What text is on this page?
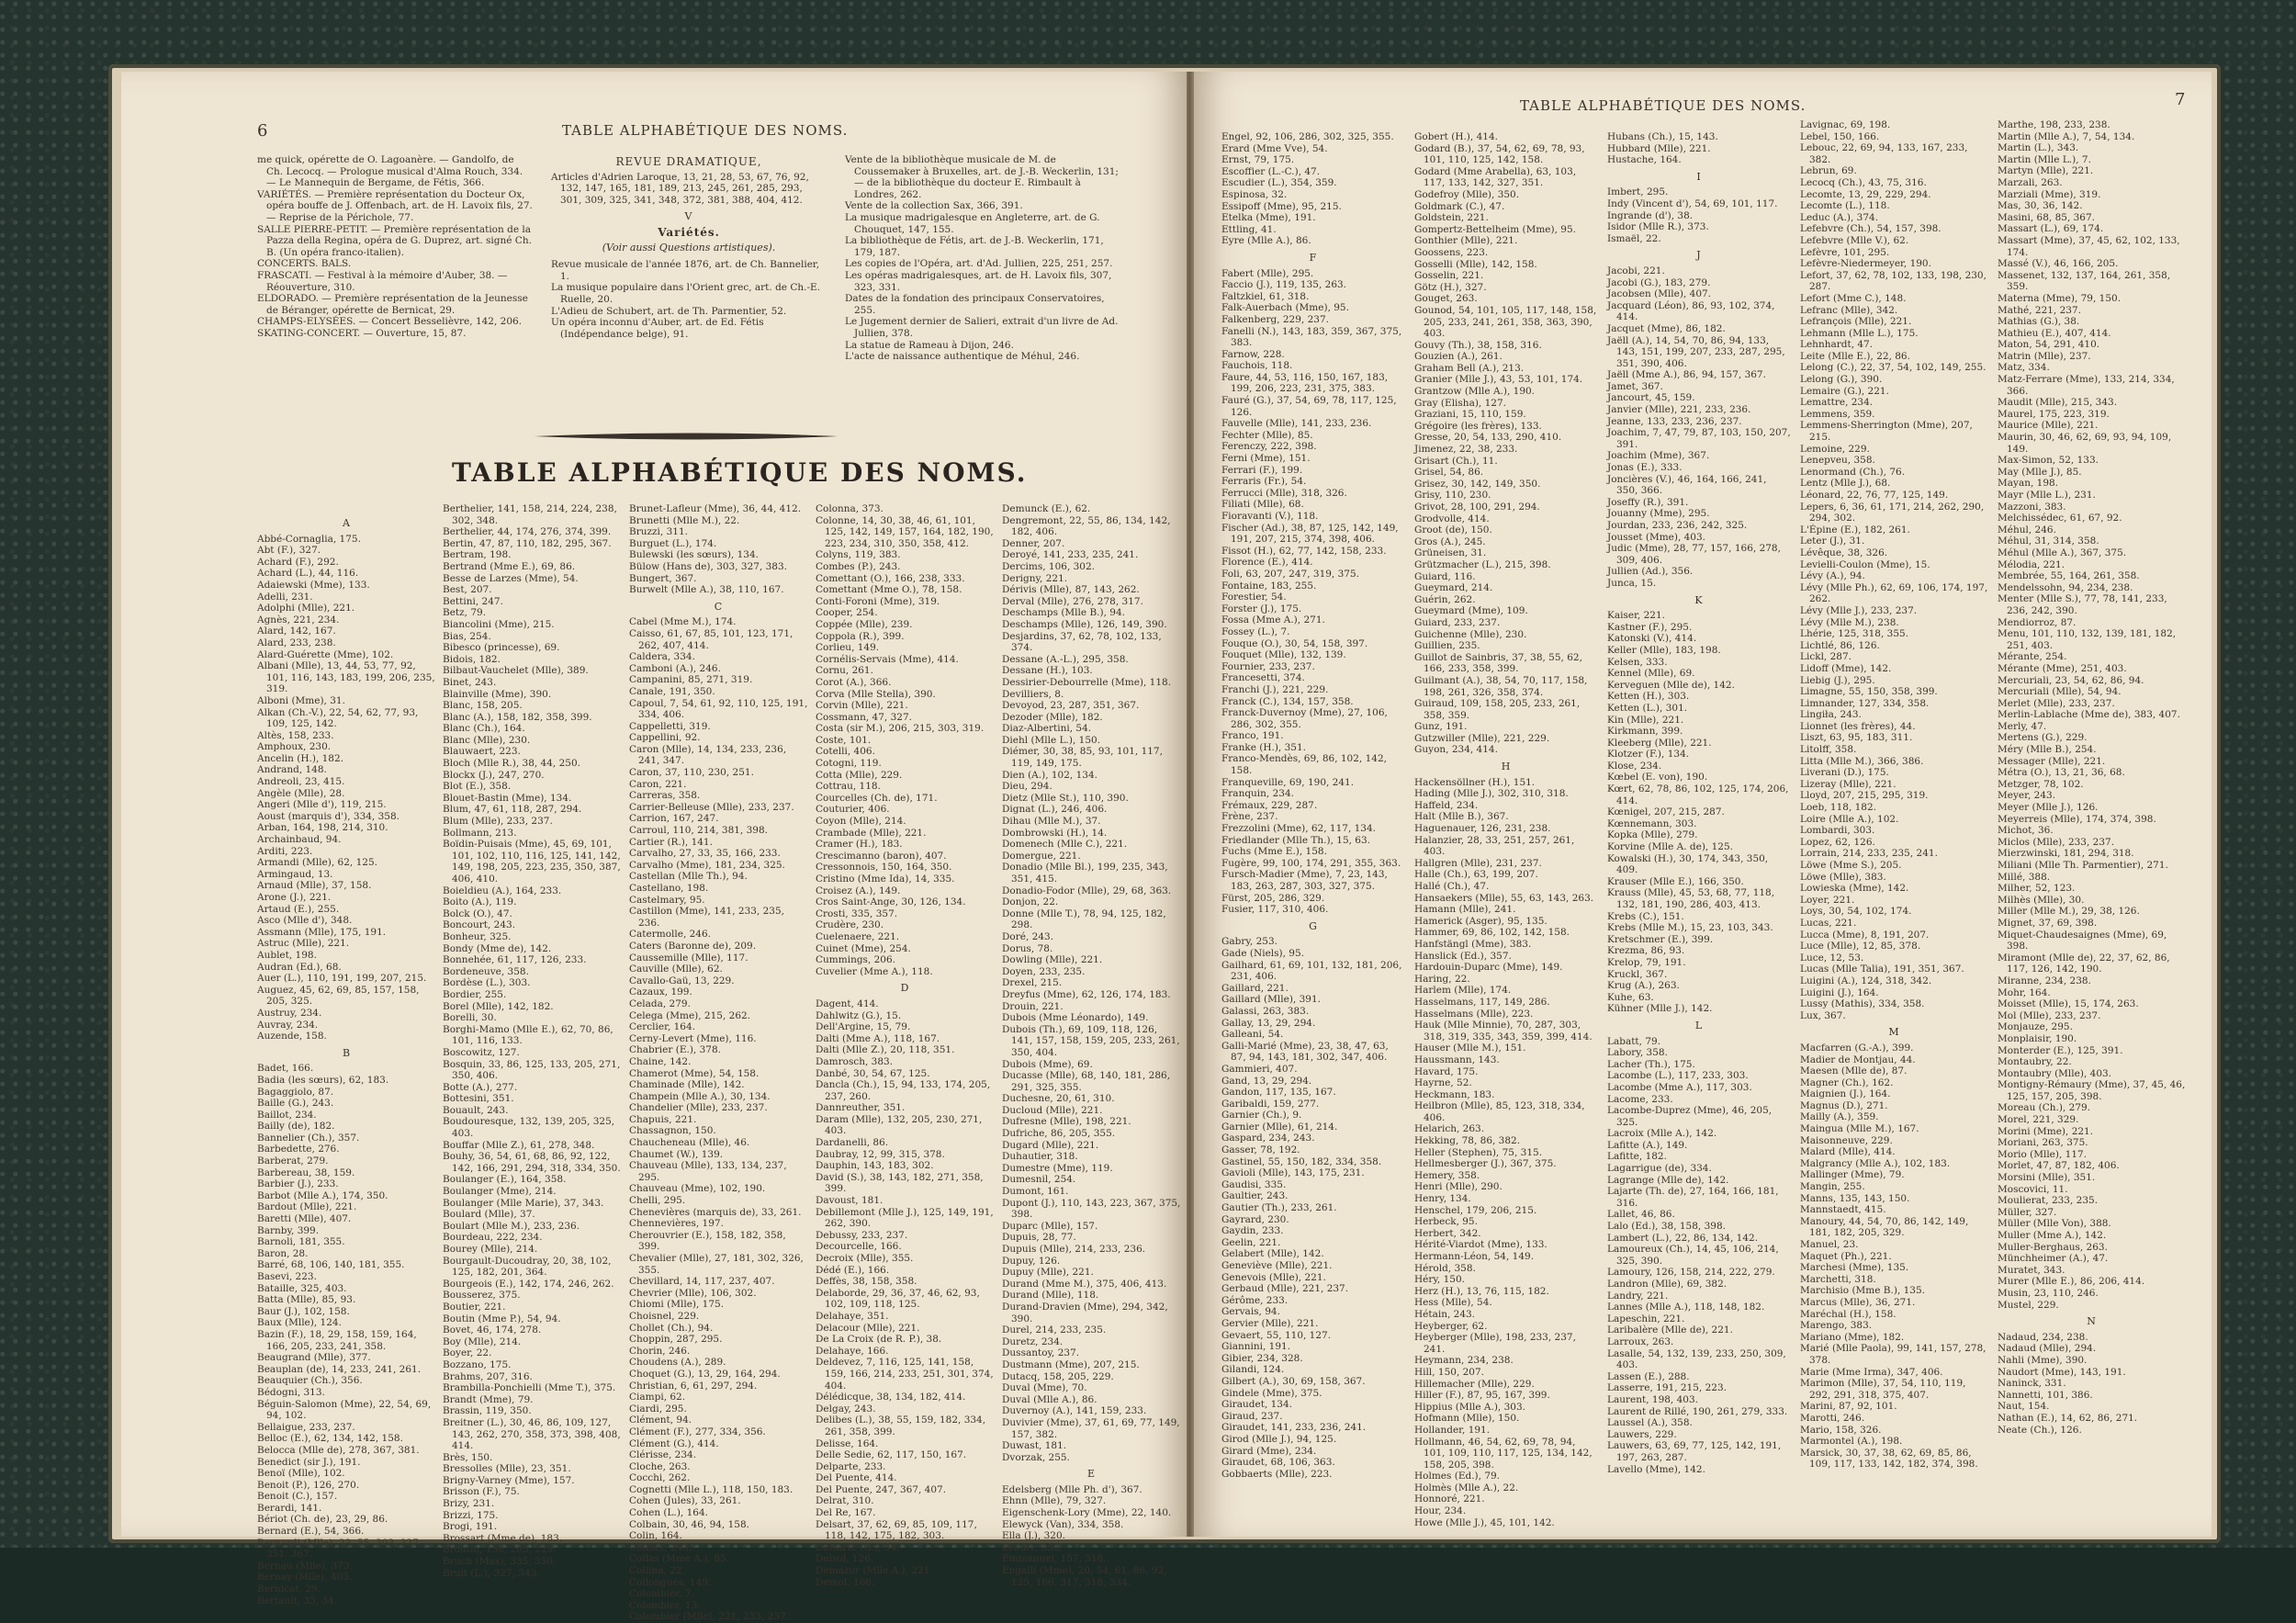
6	TABLE ALPHABÉTIQUE DES NOMS.

me quick, opérette de O. Lagoanère. — Gandolfo, de Ch. Lecocq. — Prologue musical d'Alma Rouch, 334. — Le Mannequin de Bergame, de Fétis, 366.

VARIÉTÉS. — Première représentation du Docteur Ox, opéra bouffe de J. Offenbach, art. de H. Lavoix fils, 27. — Reprise de la Périchole, 77.

SALLE PIERRE-PETIT. — Première représentation de la Pazza della Regina, opéra de G. Duprez, art. signé Ch. B. (Un opéra franco-italien).

CONCERTS. BALS.

FRASCATI. — Festival à la mémoire d'Auber, 38. — Réouverture, 310.

ELDORADO. — Première représentation de la Jeunesse de Béranger, opérette de Bernicat, 29.

CHAMPS-ELYSÉES. — Concert Besselièvre, 142, 206.

SKATING-CONCERT. — Ouverture, 15, 87.

REVUE DRAMATIQUE,

Articles d'Adrien Laroque, 13, 21, 28, 53, 67, 76, 92, 132, 147, 165, 181, 189, 213, 245, 261, 285, 293, 301, 309, 325, 341, 348, 372, 381, 388, 404, 412.

V
Variétés.
(Voir aussi Questions artistiques).

Revue musicale de l'année 1876, art. de Ch. Bannelier, 1.

La musique populaire dans l'Orient grec, art. de Ch.-E. Ruelle, 20.

L'Adieu de Schubert, art. de Th. Parmentier, 52.

Un opéra inconnu d'Auber, art. de Ed. Fétis (Indépendance belge), 91.

Vente de la bibliothèque musicale de M. de Coussemaker à Bruxelles, art. de J.-B. Weckerlin, 131; — de la bibliothèque du docteur E. Rimbault à Londres, 262.

Vente de la collection Sax, 366, 391.

La musique madrigalesque en Angleterre, art. de G. Chouquet, 147, 155.

La bibliothèque de Fétis, art. de J.-B. Weckerlin, 171, 179, 187.

Les copies de l'Opéra, art. d'Ad. Jullien, 225, 251, 257.

Les opéras madrigalesques, art. de H. Lavoix fils, 307, 323, 331.

Dates de la fondation des principaux Conservatoires, 255.

Le Jugement dernier de Salieri, extrait d'un livre de Ad. Jullien, 378.

La statue de Rameau à Dijon, 246.

L'acte de naissance authentique de Méhul, 246.

TABLE ALPHABÉTIQUE DES NOMS.
A

Abbé-Cornaglia, 175.

Abt (F.), 327.

Achard (F.), 292.

Achard (L.), 44, 116.

Adaiewski (Mme), 133.

Adelli, 231.

Adolphi (Mlle), 221.

Agnès, 221, 234.

Alard, 142, 167.

Alard, 233, 238.

Alard-Guérette (Mme), 102.

Albani (Mlle), 13, 44, 53, 77, 92, 101, 116, 143, 183, 199, 206, 235, 319.

Alboni (Mme), 31.

Alkan (Ch.-V.), 22, 54, 62, 77, 93, 109, 125, 142.

Altès, 158, 233.

Amphoux, 230.

Ancelin (H.), 182.

Andrand, 148.

Andreoli, 23, 415.

Angèle (Mlle), 28.

Angeri (Mlle d'), 119, 215.

Aoust (marquis d'), 334, 358.

Arban, 164, 198, 214, 310.

Archainbaud, 94.

Arditi, 223.

Armandi (Mlle), 62, 125.

Armingaud, 13.

Arnaud (Mlle), 37, 158.

Arone (J.), 221.

Artaud (E.), 255.

Asco (Mlle d'), 348.

Assmann (Mlle), 175, 191.

Astruc (Mlle), 221.

Aublet, 198.

Audran (Ed.), 68.

Auer (L.), 110, 191, 199, 207, 215.

Auguez, 45, 62, 69, 85, 157, 158, 205, 325.

Austruy, 234.

Auvray, 234.

Auzende, 158.

B

Badet, 166.

Badia (les sœurs), 62, 183.

Bagaggiolo, 87.

Baille (G.), 243.

Baillot, 234.

Bailly (de), 182.

Bannelier (Ch.), 357.

Barbedette, 276.

Barberat, 279.

Barbereau, 38, 159.

Barbier (J.), 233.

Barbot (Mlle A.), 174, 350.

Bardout (Mlle), 221.

Baretti (Mlle), 407.

Barnby, 399.

Barnoli, 181, 355.

Baron, 28.

Barré, 68, 106, 140, 181, 355.

Basevi, 223.

Bataille, 325, 403.

Batta (Mlle), 85, 93.

Baur (J.), 102, 158.

Baux (Mlle), 124.

Bazin (F.), 18, 29, 158, 159, 164, 166, 205, 233, 241, 358.

Beaugrand (Mlle), 377.

Beauplan (de), 14, 233, 241, 261.

Beauquier (Ch.), 356.

Bédogni, 313.

Béguin-Salomon (Mme), 22, 54, 69, 94, 102.

Bellaigue, 233, 237.

Belloc (E.), 62, 134, 142, 158.

Belocca (Mlle de), 278, 367, 381.

Benedict (sir J.), 191.

Benoï (Mlle), 102.

Benoit (P.), 126, 270.

Benoit (C.), 157.

Berardi, 141.

Bériot (Ch. de), 23, 29, 86.

Bernard (E.), 54, 366.

Bernardi (Mlle), 23, 55, 303, 327, 351, 367.

Bernau (Mlle), 373.

Bernay (Mlle), 403.

Bernicat, 29.

Bertault, 33, 34.

Berthelier, 141, 158, 214, 224, 238, 302, 348.

Berthelier, 44, 174, 276, 374, 399.

Bertin, 47, 87, 110, 182, 295, 367.

Bertram, 198.

Bertrand (Mme E.), 69, 86.

Besse de Larzes (Mme), 54.

Best, 207.

Bettini, 247.

Betz, 79.

Biancolini (Mme), 215.

Bias, 254.

Bibesco (princesse), 69.

Bidois, 182.

Bilbaut-Vauchelet (Mlle), 389.

Binet, 243.

Blainville (Mme), 390.

Blanc, 158, 205.

Blanc (A.), 158, 182, 358, 399.

Blanc (Ch.), 164.

Blanc (Mlle), 230.

Blauwaert, 223.

Bloch (Mlle R.), 38, 44, 250.

Blockx (J.), 247, 270.

Blot (E.), 358.

Blouet-Bastin (Mme), 134.

Blum, 47, 61, 118, 287, 294.

Blum (Mlle), 233, 237.

Bollmann, 213.

Boïdin-Puisais (Mme), 45, 69, 101, 101, 102, 110, 116, 125, 141, 142, 149, 198, 205, 223, 235, 350, 387, 406, 410.

Boieldieu (A.), 164, 233.

Boito (A.), 119.

Bolck (O.), 47.

Boncourt, 243.

Bonheur, 325.

Bondy (Mme de), 142.

Bonnehée, 61, 117, 126, 233.

Bordeneuve, 358.

Bordèse (L.), 303.

Bordier, 255.

Borel (Mlle), 142, 182.

Borelli, 30.

Borghi-Mamo (Mlle E.), 62, 70, 86, 101, 116, 133.

Boscowitz, 127.

Bosquin, 33, 86, 125, 133, 205, 271, 350, 406.

Botte (A.), 277.

Bottesini, 351.

Bouault, 243.

Boudouresque, 132, 139, 205, 325, 403.

Bouffar (Mlle Z.), 61, 278, 348.

Bouhy, 36, 54, 61, 68, 86, 92, 122, 142, 166, 291, 294, 318, 334, 350.

Boulanger (E.), 164, 358.

Boulanger (Mme), 214.

Boulanger (Mlle Marie), 37, 343.

Boulard (Mlle), 37.

Boulart (Mlle M.), 233, 236.

Bourdeau, 222, 234.

Bourey (Mlle), 214.

Bourgault-Ducoudray, 20, 38, 102, 125, 182, 201, 364.

Bourgeois (E.), 142, 174, 246, 262.

Bousserez, 375.

Boutier, 221.

Boutin (Mme P.), 54, 94.

Bovet, 46, 174, 278.

Boy (Mlle), 214.

Boyer, 22.

Bozzano, 175.

Brahms, 207, 316.

Brambilla-Ponchielli (Mme T.), 375.

Brandt (Mme), 79.

Brassin, 119, 350.

Breitner (L.), 30, 46, 86, 109, 127, 143, 262, 270, 358, 373, 398, 408, 414.

Brès, 150.

Bressolles (Mlle), 23, 351.

Brigny-Varney (Mme), 157.

Brisson (F.), 75.

Brizy, 231.

Brizzi, 175.

Brogi, 191.

Brossart (Mme de), 183.

Broutin, 158, 205, 229.

Bruch (Max), 335, 350.

Bruit (L.), 327, 343.

Brunet-Lafleur (Mme), 36, 44, 412.

Brunetti (Mlle M.), 22.

Bruzzi, 311.

Burguet (L.), 174.

Bulewski (les sœurs), 134.

Bülow (Hans de), 303, 327, 383.

Bungert, 367.

Burwelt (Mlle A.), 38, 110, 167.

C

Cabel (Mme M.), 174.

Caisso, 61, 67, 85, 101, 123, 171, 262, 407, 414.

Caldera, 334.

Camboni (A.), 246.

Campanini, 85, 271, 319.

Canale, 191, 350.

Capoul, 7, 54, 61, 92, 110, 125, 191, 334, 406.

Cappelletti, 319.

Cappellini, 92.

Caron (Mlle), 14, 134, 233, 236, 241, 347.

Caron, 37, 110, 230, 251.

Caron, 221.

Carreras, 358.

Carrier-Belleuse (Mlle), 233, 237.

Carrion, 167, 247.

Carroul, 110, 214, 381, 398.

Cartier (R.), 141.

Carvalho, 27, 33, 35, 166, 233.

Carvalho (Mme), 181, 234, 325.

Castellan (Mlle Th.), 94.

Castellano, 198.

Castelmary, 95.

Castillon (Mme), 141, 233, 235, 236.

Catermolle, 246.

Caters (Baronne de), 209.

Caussemille (Mlle), 117.

Cauville (Mlle), 62.

Cavallo-Gaü, 13, 229.

Cazaux, 199.

Celada, 279.

Celega (Mme), 215, 262.

Cerclier, 164.

Cerny-Levert (Mme), 116.

Chabrier (E.), 378.

Chaine, 142.

Chamerot (Mme), 54, 158.

Chaminade (Mlle), 142.

Champein (Mlle A.), 30, 134.

Chandelier (Mlle), 233, 237.

Chapuis, 221.

Chassagnon, 150.

Chaucheneau (Mlle), 46.

Chaumet (W.), 139.

Chauveau (Mlle), 133, 134, 237, 295.

Chauveau (Mme), 102, 190.

Chelli, 295.

Chenevières (marquis de), 33, 261.

Chennevières, 197.

Cherouvrier (E.), 158, 182, 358, 399.

Chevalier (Mlle), 27, 181, 302, 326, 355.

Chevillard, 14, 117, 237, 407.

Chevrier (Mlle), 106, 302.

Chiomi (Mlle), 175.

Choisnel, 229.

Chollet (Ch.), 94.

Choppin, 287, 295.

Chorin, 246.

Choudens (A.), 289.

Choquet (G.), 13, 29, 164, 294.

Christian, 6, 61, 297, 294.

Ciampi, 62.

Ciardi, 295.

Clément, 94.

Clément (F.), 277, 334, 356.

Clément (G.), 414.

Clérisse, 234.

Cloche, 263.

Cocchi, 262.

Cognetti (Mlle L.), 118, 150, 183.

Cohen (Jules), 33, 261.

Cohen (L.), 164.

Colbain, 30, 46, 94, 158.

Colin, 164.

Colinet, 243.

Collas (Mme A.), 85.

Collina, 22.

Collongues, 149.

Colombier, 7.

Colombier, 13.

Colombier (Mlle), 221, 233, 237.

Colonna, 373.

Colonne, 14, 30, 38, 46, 61, 101, 125, 142, 149, 157, 164, 182, 190, 223, 234, 310, 350, 358, 412.

Colyns, 119, 383.

Combes (P.), 243.

Comettant (O.), 166, 238, 333.

Comettant (Mme O.), 78, 158.

Conti-Foroni (Mme), 319.

Cooper, 254.

Coppée (Mlle), 239.

Coppola (R.), 399.

Corlieu, 149.

Cornélis-Servais (Mme), 414.

Cornu, 261.

Corot (A.), 366.

Corva (Mlle Stella), 390.

Corvin (Mlle), 221.

Cossmann, 47, 327.

Costa (sir M.), 206, 215, 303, 319.

Coste, 101.

Cotelli, 406.

Cotogni, 119.

Cotta (Mlle), 229.

Cottrau, 118.

Courcelles (Ch. de), 171.

Couturier, 406.

Coyon (Mlle), 214.

Crambade (Mlle), 221.

Cramer (H.), 183.

Crescimanno (baron), 407.

Cressonnois, 150, 164, 350.

Cristino (Mme Ida), 14, 335.

Croisez (A.), 149.

Cros Saint-Ange, 30, 126, 134.

Crosti, 335, 357.

Crudère, 230.

Cuelenaere, 221.

Cuinet (Mme), 254.

Cummings, 206.

Cuvelier (Mme A.), 118.

D

Dagent, 414.

Dahlwitz (G.), 15.

Dell'Argine, 15, 79.

Dalti (Mme A.), 118, 167.

Dalti (Mlle Z.), 20, 118, 351.

Damrosch, 383.

Danbé, 30, 54, 67, 125.

Dancla (Ch.), 15, 94, 133, 174, 205, 237, 260.

Dannreuther, 351.

Daram (Mlle), 132, 205, 230, 271, 403.

Dardanelli, 86.

Daubray, 12, 99, 315, 378.

Dauphin, 143, 183, 302.

David (S.), 38, 143, 182, 271, 358, 399.

Davoust, 181.

Debillemont (Mlle J.), 125, 149, 191, 262, 390.

Debussy, 233, 237.

Decourcelle, 166.

Decroix (Mlle), 355.

Dédé (E.), 166.

Deffès, 38, 158, 358.

Delaborde, 29, 36, 37, 46, 62, 93, 102, 109, 118, 125.

Delahaye, 351.

Delacour (Mlle), 221.

De La Croix (de R. P.), 38.

Delahaye, 166.

Deldevez, 7, 116, 125, 141, 158, 159, 166, 214, 233, 251, 301, 374, 404.

Délédicque, 38, 134, 182, 414.

Delgay, 243.

Delibes (L.), 38, 55, 159, 182, 334, 261, 358, 399.

Delisse, 164.

Delle Sedie, 62, 117, 150, 167.

Delparte, 233.

Del Puente, 414.

Del Puente, 247, 367, 407.

Delrat, 310.

Del Re, 167.

Delsart, 37, 62, 69, 85, 109, 117, 118, 142, 175, 182, 303.

Delsarte (G.), 94.

Delsol, 126.

Demazur (Mlle A.), 221.

Demol, 166.

Demunck (E.), 62.

Dengremont, 22, 55, 86, 134, 142, 182, 406.

Denner, 207.

Deroyé, 141, 233, 235, 241.

Dercims, 106, 302.

Derigny, 221.

Dérivis (Mlle), 87, 143, 262.

Derval (Mlle), 276, 278, 317.

Deschamps (Mlle B.), 94.

Deschamps (Mlle), 126, 149, 390.

Desjardins, 37, 62, 78, 102, 133, 374.

Dessane (A.-L.), 295, 358.

Dessane (H.), 103.

Dessirier-Debourrelle (Mme), 118.

Devilliers, 8.

Devoyod, 23, 287, 351, 367.

Dezoder (Mlle), 182.

Diaz-Albertini, 54.

Diehl (Mlle L.), 150.

Diémer, 30, 38, 85, 93, 101, 117, 119, 149, 175.

Dien (A.), 102, 134.

Dieu, 294.

Dietz (Mlle St.), 110, 390.

Dignat (L.), 246, 406.

Dihau (Mlle M.), 37.

Dombrowski (H.), 14.

Domenech (Mlle C.), 221.

Domergue, 221.

Donadio (Mlle Bl.), 199, 235, 343, 351, 415.

Donadio-Fodor (Mlle), 29, 68, 363.

Donjon, 22.

Donne (Mlle T.), 78, 94, 125, 182, 298.

Doré, 243.

Dorus, 78.

Dowling (Mlle), 221.

Doyen, 233, 235.

Drexel, 215.

Dreyfus (Mme), 62, 126, 174, 183.

Drouin, 221.

Dubois (Mme Léonardo), 149.

Dubois (Th.), 69, 109, 118, 126, 141, 157, 158, 159, 205, 233, 261, 350, 404.

Dubois (Mme), 69.

Ducasse (Mlle), 68, 140, 181, 286, 291, 325, 355.

Duchesne, 20, 61, 310.

Ducloud (Mlle), 221.

Dufresne (Mlle), 198, 221.

Dufriche, 86, 205, 355.

Dugard (Mlle), 221.

Duhautier, 318.

Dumestre (Mme), 119.

Dumesnil, 254.

Dumont, 161.

Dupont (J.), 110, 143, 223, 367, 375, 398.

Duparc (Mlle), 157.

Dupuis, 28, 77.

Dupuis (Mlle), 214, 233, 236.

Dupuy, 126.

Dupuy (Mlle), 221.

Durand (Mme M.), 375, 406, 413.

Durand (Mlle), 118.

Durand-Dravien (Mme), 294, 342, 390.

Durel, 214, 233, 235.

Duretz, 234.

Dussantoy, 237.

Dustmann (Mme), 207, 215.

Dutacq, 158, 205, 229.

Duval (Mme), 70.

Duval (Mlle A.), 86.

Duvernoy (A.), 141, 159, 233.

Duvivier (Mme), 37, 61, 69, 77, 149, 157, 382.

Duwast, 181.

Dvorzak, 255.

E

Edelsberg (Mlle Ph. d'), 367.

Ehnn (Mlle), 79, 327.

Eigenschenk-Lory (Mme), 22, 140.

Elewyck (Van), 334, 358.

Ella (J.), 320.

Elwart, 333.

Emmanuel, 157, 318.

Engalli (Mme), 20, 54, 61, 86, 92, 125, 166, 317, 318, 334.

TABLE ALPHABÉTIQUE DES NOMS.	7

Engel, 92, 106, 286, 302, 325, 355.

Erard (Mme Vve), 54.

Ernst, 79, 175.

Escoffier (L.-C.), 47.

Escudier (L.), 354, 359.

Espinosa, 32.

Essipoff (Mme), 95, 215.

Etelka (Mme), 191.

Ettling, 41.

Eyre (Mlle A.), 86.

F

Fabert (Mlle), 295.

Faccio (J.), 119, 135, 263.

Faltzkiel, 61, 318.

Falk-Auerbach (Mme), 95.

Falkenberg, 229, 237.

Fanelli (N.), 143, 183, 359, 367, 375, 383.

Farnow, 228.

Fauchois, 118.

Faure, 44, 53, 116, 150, 167, 183, 199, 206, 223, 231, 375, 383.

Fauré (G.), 37, 54, 69, 78, 117, 125, 126.

Fauvelle (Mlle), 141, 233, 236.

Fechter (Mlle), 85.

Ferenczy, 222, 398.

Ferni (Mme), 151.

Ferrari (F.), 199.

Ferraris (Fr.), 54.

Ferrucci (Mlle), 318, 326.

Filiati (Mlle), 68.

Fioravanti (V.), 118.

Fischer (Ad.), 38, 87, 125, 142, 149, 191, 207, 215, 374, 398, 406.

Fissot (H.), 62, 77, 142, 158, 233.

Florence (E.), 414.

Foli, 63, 207, 247, 319, 375.

Fontaine, 183, 255.

Forestier, 54.

Forster (J.), 175.

Fossa (Mme A.), 271.

Fossey (L.), 7.

Fouque (O.), 30, 54, 158, 397.

Fouquet (Mlle), 132, 139.

Fournier, 233, 237.

Francesetti, 374.

Franchi (J.), 221, 229.

Franck (C.), 134, 157, 358.

Franck-Duvernoy (Mme), 27, 106, 286, 302, 355.

Franco, 191.

Franke (H.), 351.

Franco-Mendès, 69, 86, 102, 142, 158.

Franqueville, 69, 190, 241.

Franquin, 234.

Frémaux, 229, 287.

Frène, 237.

Frezzolini (Mme), 62, 117, 134.

Friedlander (Mlle Th.), 15, 63.

Fuchs (Mme E.), 158.

Fugère, 99, 100, 174, 291, 355, 363.

Fursch-Madier (Mme), 7, 23, 143, 183, 263, 287, 303, 327, 375.

Fürst, 205, 286, 329.

Fusier, 117, 310, 406.

G

Gabry, 253.

Gade (Niels), 95.

Gailhard, 61, 69, 101, 132, 181, 206, 231, 406.

Gaillard, 221.

Gaillard (Mlle), 391.

Galassi, 263, 383.

Gallay, 13, 29, 294.

Galleani, 54.

Galli-Marié (Mme), 23, 38, 47, 63, 87, 94, 143, 181, 302, 347, 406.

Gammieri, 407.

Gand, 13, 29, 294.

Gandon, 117, 135, 167.

Garibaldi, 159, 277.

Garnier (Ch.), 9.

Garnier (Mlle), 61, 214.

Gaspard, 234, 243.

Gasser, 78, 192.

Gastinel, 55, 150, 182, 334, 358.

Gavioli (Mlle), 143, 175, 231.

Gaudisi, 335.

Gaultier, 243.

Gautier (Th.), 233, 261.

Gayrard, 230.

Gaydin, 233.

Geelin, 221.

Gelabert (Mlle), 142.

Geneviève (Mlle), 221.

Genevois (Mlle), 221.

Gerbaud (Mlle), 221, 237.

Gérôme, 233.

Gervais, 94.

Gervier (Mlle), 221.

Gevaert, 55, 110, 127.

Giannini, 191.

Gibier, 234, 328.

Gilandi, 124.

Gilbert (A.), 30, 69, 158, 367.

Gindele (Mme), 375.

Giraudet, 134.

Giraud, 237.

Giraudet, 141, 233, 236, 241.

Girod (Mlle J.), 94, 125.

Girard (Mme), 234.

Giraudet, 68, 106, 363.

Gobbaerts (Mlle), 223.

Gobert (H.), 414.

Godard (B.), 37, 54, 62, 69, 78, 93, 101, 110, 125, 142, 158.

Godard (Mme Arabella), 63, 103, 117, 133, 142, 327, 351.

Godefroy (Mlle), 350.

Goldmark (C.), 47.

Goldstein, 221.

Gompertz-Bettelheim (Mme), 95.

Gonthier (Mlle), 221.

Goossens, 223.

Gosselli (Mlle), 142, 158.

Gosselin, 221.

Götz (H.), 327.

Gouget, 263.

Gounod, 54, 101, 105, 117, 148, 158, 205, 233, 241, 261, 358, 363, 390, 403.

Gouvy (Th.), 38, 158, 316.

Gouzien (A.), 261.

Graham Bell (A.), 213.

Granier (Mlle J.), 43, 53, 101, 174.

Grantzow (Mlle A.), 190.

Gray (Elisha), 127.

Graziani, 15, 110, 159.

Grégoire (les frères), 133.

Gresse, 20, 54, 133, 290, 410.

Jimenez, 22, 38, 233.

Grisart (Ch.), 11.

Grisel, 54, 86.

Grisez, 30, 142, 149, 350.

Grisy, 110, 230.

Grivot, 28, 100, 291, 294.

Grodvolle, 414.

Groot (de), 150.

Gros (A.), 245.

Grüneisen, 31.

Grützmacher (L.), 215, 398.

Guiard, 116.

Gueymard, 214.

Guérin, 262.

Gueymard (Mme), 109.

Guiard, 233, 237.

Guichenne (Mlle), 230.

Guillien, 235.

Guillot de Sainbris, 37, 38, 55, 62, 166, 233, 358, 399.

Guilmant (A.), 38, 54, 70, 117, 158, 198, 261, 326, 358, 374.

Guiraud, 109, 158, 205, 233, 261, 358, 359.

Gunz, 191.

Gutzwiller (Mlle), 221, 229.

Guyon, 234, 414.

H

Hackensöllner (H.), 151.

Hading (Mlle J.), 302, 310, 318.

Haffeld, 234.

Halt (Mlle B.), 367.

Haguenauer, 126, 231, 238.

Halanzier, 28, 33, 251, 257, 261, 403.

Hallgren (Mlle), 231, 237.

Halle (Ch.), 63, 199, 207.

Hallé (Ch.), 47.

Hansaekers (Mlle), 55, 63, 143, 263.

Hamann (Mlle), 241.

Hamerick (Asger), 95, 135.

Hammer, 69, 86, 102, 142, 158.

Hanfstängl (Mme), 383.

Hanslick (Ed.), 357.

Hardouin-Duparc (Mme), 149.

Haring, 22.

Harlem (Mlle), 174.

Hasselmans, 117, 149, 286.

Hasselmans (Mlle), 223.

Hauk (Mlle Minnie), 70, 287, 303, 318, 319, 335, 343, 359, 399, 414.

Hauser (Mlle M.), 151.

Haussmann, 143.

Havard, 175.

Hayrne, 52.

Heckmann, 183.

Heilbron (Mlle), 85, 123, 318, 334, 406.

Helarich, 263.

Hekking, 78, 86, 382.

Heller (Stephen), 75, 315.

Hellmesberger (J.), 367, 375.

Hemery, 358.

Henri (Mlle), 290.

Henry, 134.

Henschel, 179, 206, 215.

Herbeck, 95.

Herbert, 342.

Hérité-Viardot (Mme), 133.

Hermann-Léon, 54, 149.

Hérold, 358.

Héry, 150.

Herz (H.), 13, 76, 115, 182.

Hess (Mlle), 54.

Hétain, 243.

Heyberger, 62.

Heyberger (Mlle), 198, 233, 237, 241.

Heymann, 234, 238.

Hill, 150, 207.

Hillemacher (Mlle), 229.

Hiller (F.), 87, 95, 167, 399.

Hippius (Mlle A.), 303.

Hofmann (Mlle), 150.

Hollander, 191.

Hollmann, 46, 54, 62, 69, 78, 94, 101, 109, 110, 117, 125, 134, 142, 158, 205, 398.

Holmes (Ed.), 79.

Holmès (Mlle A.), 22.

Honnoré, 221.

Hour, 234.

Howe (Mlle J.), 45, 101, 142.

Hubans (Ch.), 15, 143.

Hubbard (Mlle), 221.

Hustache, 164.

I

Imbert, 295.

Indy (Vincent d'), 54, 69, 101, 117.

Ingrande (d'), 38.

Isidor (Mlle R.), 373.

Ismaël, 22.

J

Jacobi, 221.

Jacobi (G.), 183, 279.

Jacobsen (Mlle), 407.

Jacquard (Léon), 86, 93, 102, 374, 414.

Jacquet (Mme), 86, 182.

Jaëll (A.), 14, 54, 70, 86, 94, 133, 143, 151, 199, 207, 233, 287, 295, 351, 390, 406.

Jaëll (Mme A.), 86, 94, 157, 367.

Jamet, 367.

Jancourt, 45, 159.

Janvier (Mlle), 221, 233, 236.

Jeanne, 133, 233, 236, 237.

Joachim, 7, 47, 79, 87, 103, 150, 207, 391.

Joachim (Mme), 367.

Jonas (E.), 333.

Joncières (V.), 46, 164, 166, 241, 350, 366.

Joseffy (R.), 391.

Jouanny (Mme), 295.

Jourdan, 233, 236, 242, 325.

Jousset (Mme), 403.

Judic (Mme), 28, 77, 157, 166, 278, 309, 406.

Jullien (Ad.), 356.

Junca, 15.

K

Kaiser, 221.

Kastner (F.), 295.

Katonski (V.), 414.

Keller (Mlle), 183, 198.

Kelsen, 333.

Kennel (Mlle), 69.

Kerveguen (Mlle de), 142.

Ketten (H.), 303.

Ketten (L.), 301.

Kin (Mlle), 221.

Kirkmann, 399.

Kleeberg (Mlle), 221.

Klotzer (F.), 134.

Klose, 234.

Kœbel (E. von), 190.

Kœrt, 62, 78, 86, 102, 125, 174, 206, 414.

Kœnigel, 207, 215, 287.

Kœnnemann, 303.

Kopka (Mlle), 279.

Korvine (Mlle A. de), 125.

Kowalski (H.), 30, 174, 343, 350, 409.

Krauser (Mlle E.), 166, 350.

Krauss (Mlle), 45, 53, 68, 77, 118, 132, 181, 190, 286, 403, 413.

Krebs (C.), 151.

Krebs (Mlle M.), 15, 23, 103, 343.

Kretschmer (E.), 399.

Krezma, 86, 93.

Krelop, 79, 191.

Kruckl, 367.

Krug (A.), 263.

Kuhe, 63.

Kühner (Mlle J.), 142.

L

Labatt, 79.

Labory, 358.

Lacher (Th.), 175.

Lacombe (L.), 117, 233, 303.

Lacombe (Mme A.), 117, 303.

Lacome, 233.

Lacombe-Duprez (Mme), 46, 205, 325.

Lacroix (Mlle A.), 142.

Lafitte (A.), 149.

Lafitte, 182.

Lagarrigue (de), 334.

Lagrange (Mlle de), 142.

Lajarte (Th. de), 27, 164, 166, 181, 316.

Lallet, 46, 86.

Lalo (Ed.), 38, 158, 398.

Lambert (L.), 22, 86, 134, 142.

Lamoureux (Ch.), 14, 45, 106, 214, 325, 390.

Lamoury, 126, 158, 214, 222, 279.

Landron (Mlle), 69, 382.

Landry, 221.

Lannes (Mlle A.), 118, 148, 182.

Lapeschin, 221.

Laribalère (Mlle de), 221.

Larroux, 263.

Lasalle, 54, 132, 139, 233, 250, 309, 403.

Lassen (E.), 288.

Lasserre, 191, 215, 223.

Laurent, 198, 403.

Laurent de Rillé, 190, 261, 279, 333.

Laussel (A.), 358.

Lauwers, 229.

Lauwers, 63, 69, 77, 125, 142, 191, 197, 263, 287.

Lavello (Mme), 142.

Lavignac, 69, 198.

Lebel, 150, 166.

Lebouc, 22, 69, 94, 133, 167, 233, 382.

Lebrun, 69.

Lecocq (Ch.), 43, 75, 316.

Lecomte, 13, 29, 229, 294.

Lecomte (L.), 118.

Leduc (A.), 374.

Lefebvre (Ch.), 54, 157, 398.

Lefebvre (Mlle V.), 62.

Lefèvre, 101, 295.

Lefèvre-Niedermeyer, 190.

Lefort, 37, 62, 78, 102, 133, 198, 230, 287.

Lefort (Mme C.), 148.

Lefranc (Mlle), 342.

Lefrançois (Mlle), 221.

Lehmann (Mlle L.), 175.

Lehnhardt, 47.

Leite (Mlle E.), 22, 86.

Lelong (C.), 22, 37, 54, 102, 149, 255.

Lelong (G.), 390.

Lemaire (G.), 221.

Lemattre, 234.

Lemmens, 359.

Lemmens-Sherrington (Mme), 207, 215.

Lemoine, 229.

Lenepveu, 358.

Lenormand (Ch.), 76.

Lentz (Mlle J.), 68.

Léonard, 22, 76, 77, 125, 149.

Lepers, 6, 36, 61, 171, 214, 262, 290, 294, 302.

L'Épine (E.), 182, 261.

Leter (J.), 31.

Lévêque, 38, 326.

Levielli-Coulon (Mme), 15.

Lévy (A.), 94.

Lévy (Mlle Ph.), 62, 69, 106, 174, 197, 262.

Lévy (Mlle J.), 233, 237.

Lévy (Mlle M.), 238.

Lhérie, 125, 318, 355.

Lichtlé, 86, 126.

Lickl, 287.

Lidoff (Mme), 142.

Liebig (J.), 295.

Limagne, 55, 150, 358, 399.

Limnander, 127, 334, 358.

Lingiła, 243.

Lionnet (les frères), 44.

Liszt, 63, 95, 183, 311.

Litolff, 358.

Litta (Mlle M.), 366, 386.

Liverani (D.), 175.

Lizeray (Mlle), 221.

Lloyd, 207, 215, 295, 319.

Loeb, 118, 182.

Loire (Mlle A.), 102.

Lombardi, 303.

Lopez, 62, 126.

Lorrain, 214, 233, 235, 241.

Löwe (Mme S.), 205.

Löwe (Mlle), 383.

Lowieska (Mme), 142.

Loyer, 221.

Loys, 30, 54, 102, 174.

Lucas, 221.

Lucca (Mme), 8, 191, 207.

Luce (Mlle), 12, 85, 378.

Luce, 12, 53.

Lucas (Mlle Talia), 191, 351, 367.

Luigini (A.), 124, 318, 342.

Luigini (J.), 164.

Lussy (Mathis), 334, 358.

Lux, 367.

M

Macfarren (G.-A.), 399.

Madier de Montjau, 44.

Maesen (Mlle de), 87.

Magner (Ch.), 162.

Maignien (J.), 164.

Magnus (D.), 271.

Mailly (A.), 359.

Maingua (Mlle M.), 167.

Maisonneuve, 229.

Malard (Mlle), 414.

Malgrancy (Mlle A.), 102, 183.

Mallinger (Mme), 79.

Mangin, 255.

Manns, 135, 143, 150.

Mannstaedt, 415.

Manoury, 44, 54, 70, 86, 142, 149, 181, 182, 205, 329.

Manuel, 23.

Maquet (Ph.), 221.

Marchesi (Mme), 135.

Marchetti, 318.

Marchisio (Mme B.), 135.

Marcus (Mlle), 36, 271.

Maréchal (H.), 158.

Marengo, 383.

Mariano (Mme), 182.

Marié (Mlle Paola), 99, 141, 157, 278, 378.

Marie (Mme Irma), 347, 406.

Marimon (Mlle), 37, 54, 110, 119, 292, 291, 318, 375, 407.

Marini, 87, 92, 101.

Marotti, 246.

Mario, 158, 326.

Marmontel (A.), 198.

Marsick, 30, 37, 38, 62, 69, 85, 86, 109, 117, 133, 142, 182, 374, 398.

Marthe, 198, 233, 238.

Martin (Mlle A.), 7, 54, 134.

Martin (L.), 343.

Martin (Mlle L.), 7.

Martyn (Mlle), 221.

Marzali, 263.

Marziali (Mme), 319.

Mas, 30, 36, 142.

Masini, 68, 85, 367.

Massart (L.), 69, 174.

Massart (Mme), 37, 45, 62, 102, 133, 174.

Massé (V.), 46, 166, 205.

Massenet, 132, 137, 164, 261, 358, 359.

Materna (Mme), 79, 150.

Mathé, 221, 237.

Mathias (G.), 38.

Mathieu (E.), 407, 414.

Maton, 54, 291, 410.

Matrin (Mlle), 237.

Matz, 334.

Matz-Ferrare (Mme), 133, 214, 334, 366.

Maudit (Mlle), 215, 343.

Maurel, 175, 223, 319.

Maurice (Mlle), 221.

Maurin, 30, 46, 62, 69, 93, 94, 109, 149.

Max-Simon, 52, 133.

May (Mlle J.), 85.

Mayan, 198.

Mayr (Mlle L.), 231.

Mazzoni, 383.

Melchissédec, 61, 67, 92.

Méhul, 246.

Méhul, 31, 314, 358.

Méhul (Mlle A.), 367, 375.

Mélodia, 221.

Membrée, 55, 164, 261, 358.

Mendelssohn, 94, 234, 238.

Menter (Mlle S.), 77, 78, 141, 233, 236, 242, 390.

Mendiorroz, 87.

Menu, 101, 110, 132, 139, 181, 182, 251, 403.

Mérante, 254.

Mérante (Mme), 251, 403.

Mercuriali, 23, 54, 62, 86, 94.

Mercuriali (Mlle), 54, 94.

Merlet (Mlle), 233, 237.

Merlin-Lablache (Mme de), 383, 407.

Merly, 47.

Mertens (G.), 229.

Méry (Mlle B.), 254.

Messager (Mlle), 221.

Métra (O.), 13, 21, 36, 68.

Metzger, 78, 102.

Meyer, 243.

Meyer (Mlle J.), 126.

Meyerreis (Mlle), 174, 374, 398.

Michot, 36.

Miclos (Mlle), 233, 237.

Mierzwinski, 181, 294, 318.

Miliani (Mlle Th. Parmentier), 271.

Millé, 388.

Milher, 52, 123.

Milhès (Mlle), 30.

Miller (Mlle M.), 29, 38, 126.

Mignet, 37, 69, 398.

Miquet-Chaudesaignes (Mme), 69, 398.

Miramont (Mlle de), 22, 37, 62, 86, 117, 126, 142, 190.

Miranne, 234, 238.

Mohr, 164.

Moisset (Mlle), 15, 174, 263.

Mol (Mlle), 233, 237.

Monjauze, 295.

Monplaisir, 190.

Monterder (E.), 125, 391.

Montaubry, 22.

Montaubry (Mlle), 403.

Montigny-Rémaury (Mme), 37, 45, 46, 125, 157, 205, 398.

Moreau (Ch.), 279.

Morel, 221, 329.

Morini (Mme), 221.

Moriani, 263, 375.

Morio (Mlle), 117.

Morlet, 47, 87, 182, 406.

Morsini (Mlle), 351.

Moscovici, 11.

Moulierat, 233, 235.

Müller, 327.

Müller (Mlle Von), 388.

Muller (Mme A.), 142.

Muller-Berghaus, 263.

Münchheimer (A.), 47.

Muratet, 343.

Murer (Mlle E.), 86, 206, 414.

Musin, 23, 110, 246.

Mustel, 229.

N

Nadaud, 234, 238.

Nadaud (Mlle), 294.

Nahli (Mme), 390.

Naudort (Mme), 143, 191.

Naninck, 331.

Nannetti, 101, 386.

Naut, 154.

Nathan (E.), 14, 62, 86, 271.

Neate (Ch.), 126.
